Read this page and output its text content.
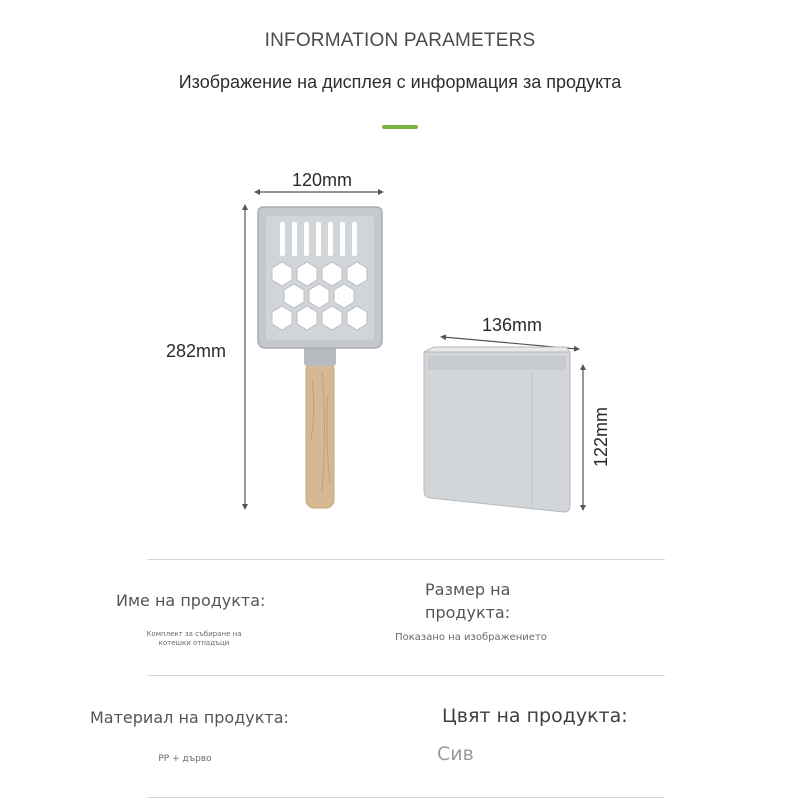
INFORMATION PARAMETERS
Изображение на дисплея с информация за продукта
120mm
282mm
136mm
122mm
Име на продукта:
Комплект за събиране на котешки отпадъци
Размер на продукта:
Показано на изображението
Материал на продукта:
PP + дърво
Цвят на продукта:
Сив
